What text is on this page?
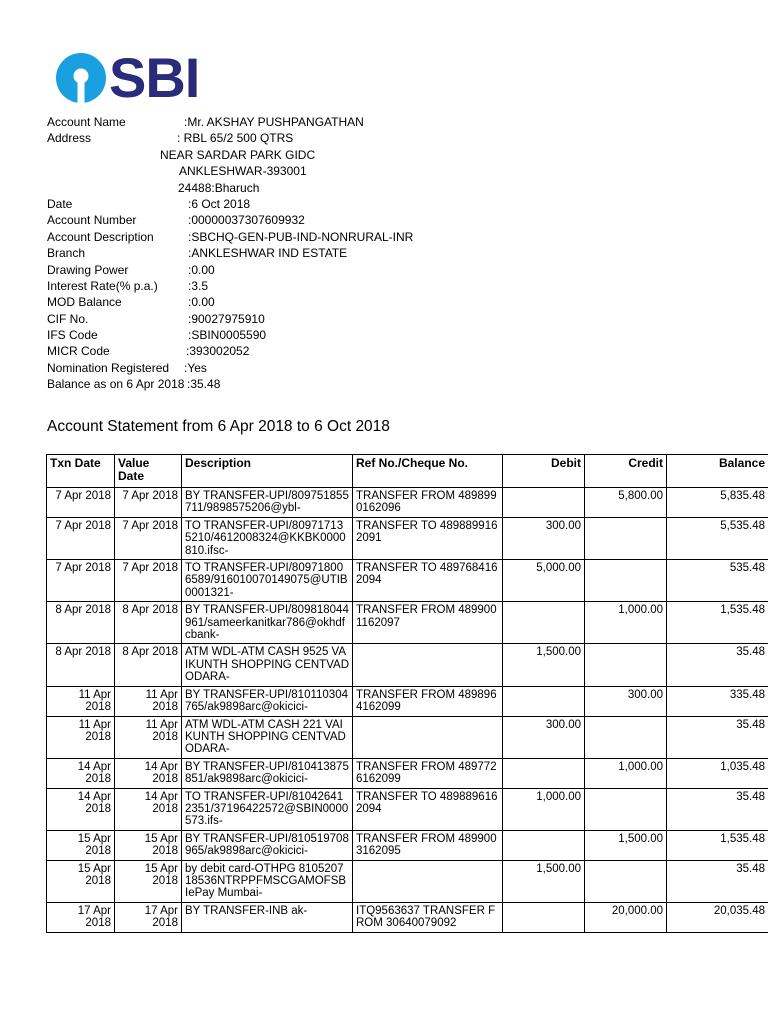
SBI
Account Name	:Mr. AKSHAY PUSHPANGATHAN
Address	: RBL 65/2 500 QTRS
NEAR SARDAR PARK GIDC
ANKLESHWAR-393001
24488:Bharuch
Date	:6 Oct 2018
Account Number	:00000037307609932
Account Description	:SBCHQ-GEN-PUB-IND-NONRURAL-INR
Branch	:ANKLESHWAR IND ESTATE
Drawing Power	:0.00
Interest Rate(% p.a.)	:3.5
MOD Balance	:0.00
CIF No.	:90027975910
IFS Code	:SBIN0005590
MICR Code	:393002052
Nomination Registered :Yes
Balance as on 6 Apr 2018 :35.48
Account Statement from 6 Apr 2018 to 6 Oct 2018
Txn Date	Value Date	Description	Ref No./Cheque No.	Debit	Credit	Balance
7 Apr 2018	7 Apr 2018	BY TRANSFER-UPI/809751855711/9898575206@ybl-	TRANSFER FROM 4898990162096		5,800.00	5,835.48
7 Apr 2018	7 Apr 2018	TO TRANSFER-UPI/809717135210/4612008324@KKBK0000810.ifsc-	TRANSFER TO 4898899162091	300.00		5,535.48
7 Apr 2018	7 Apr 2018	TO TRANSFER-UPI/809718006589/916010070149075@UTIB0001321-	TRANSFER TO 4897684162094	5,000.00		535.48
8 Apr 2018	8 Apr 2018	BY TRANSFER-UPI/809818044961/sameerkanitkar786@okhdfcbank-	TRANSFER FROM 4899001162097		1,000.00	1,535.48
8 Apr 2018	8 Apr 2018	ATM WDL-ATM CASH 9525 VAIKUNTH SHOPPING CENTVADODARA-		1,500.00		35.48
11 Apr 2018	11 Apr 2018	BY TRANSFER-UPI/810110304765/ak9898arc@okicici-	TRANSFER FROM 4898964162099		300.00	335.48
11 Apr 2018	11 Apr 2018	ATM WDL-ATM CASH 221 VAIKUNTH SHOPPING CENTVADODARA-		300.00		35.48
14 Apr 2018	14 Apr 2018	BY TRANSFER-UPI/810413875851/ak9898arc@okicici-	TRANSFER FROM 4897726162099		1,000.00	1,035.48
14 Apr 2018	14 Apr 2018	TO TRANSFER-UPI/810426412351/37196422572@SBIN0000573.ifs-	TRANSFER TO 4898896162094	1,000.00		35.48
15 Apr 2018	15 Apr 2018	BY TRANSFER-UPI/810519708965/ak9898arc@okicici-	TRANSFER FROM 4899003162095		1,500.00	1,535.48
15 Apr 2018	15 Apr 2018	by debit card-OTHPG 810520718536NTRPPFMSCGAMOFSBIePay Mumbai-		1,500.00		35.48
17 Apr 2018	17 Apr 2018	BY TRANSFER-INB ak-	ITQ9563637 TRANSFER FROM 30640079092		20,000.00	20,035.48
